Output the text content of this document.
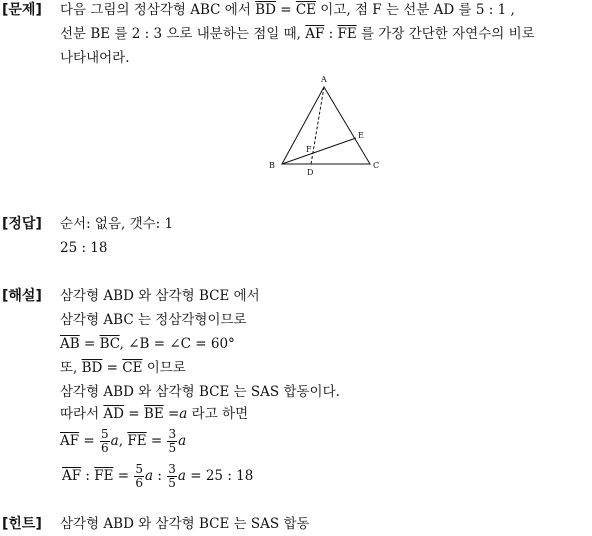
[문제] 다음 그림의 정삼각형 ABC 에서 $\overline{BD} = \overline{CE}$ 이고, 점 F 는 선분 AD 를 5 : 1 ,
선분 BE 를 2 : 3 으로 내분하는 점일 때, $\overline{AF}$ : $\overline{FE}$ 를 가장 간단한 자연수의 비로
나타내어라.
A
B	C
D
E
F
[정답] 순서: 없음, 갯수: 1
25 : 18
[해설] 삼각형 ABD 와 삼각형 BCE 에서
삼각형 ABC 는 정삼각형이므로
$\overline{AB} = \overline{BC}$, ∠B = ∠C = 60°
또, $\overline{BD} = \overline{CE}$ 이므로
삼각형 ABD 와 삼각형 BCE 는 SAS 합동이다.
따라서 $\overline{AD} = \overline{BE} =a$ 라고 하면
$\overline{AF} = \frac{5}{6} a$, $\overline{FE} = \frac{3}{5}$ a
$\overline{AF}$ : $\overline{FE} = \frac{5}{6}$ a : $\frac{3}{5}$ a = 25 : 18
[힌트] 삼각형 ABD 와 삼각형 BCE 는 SAS 합동
